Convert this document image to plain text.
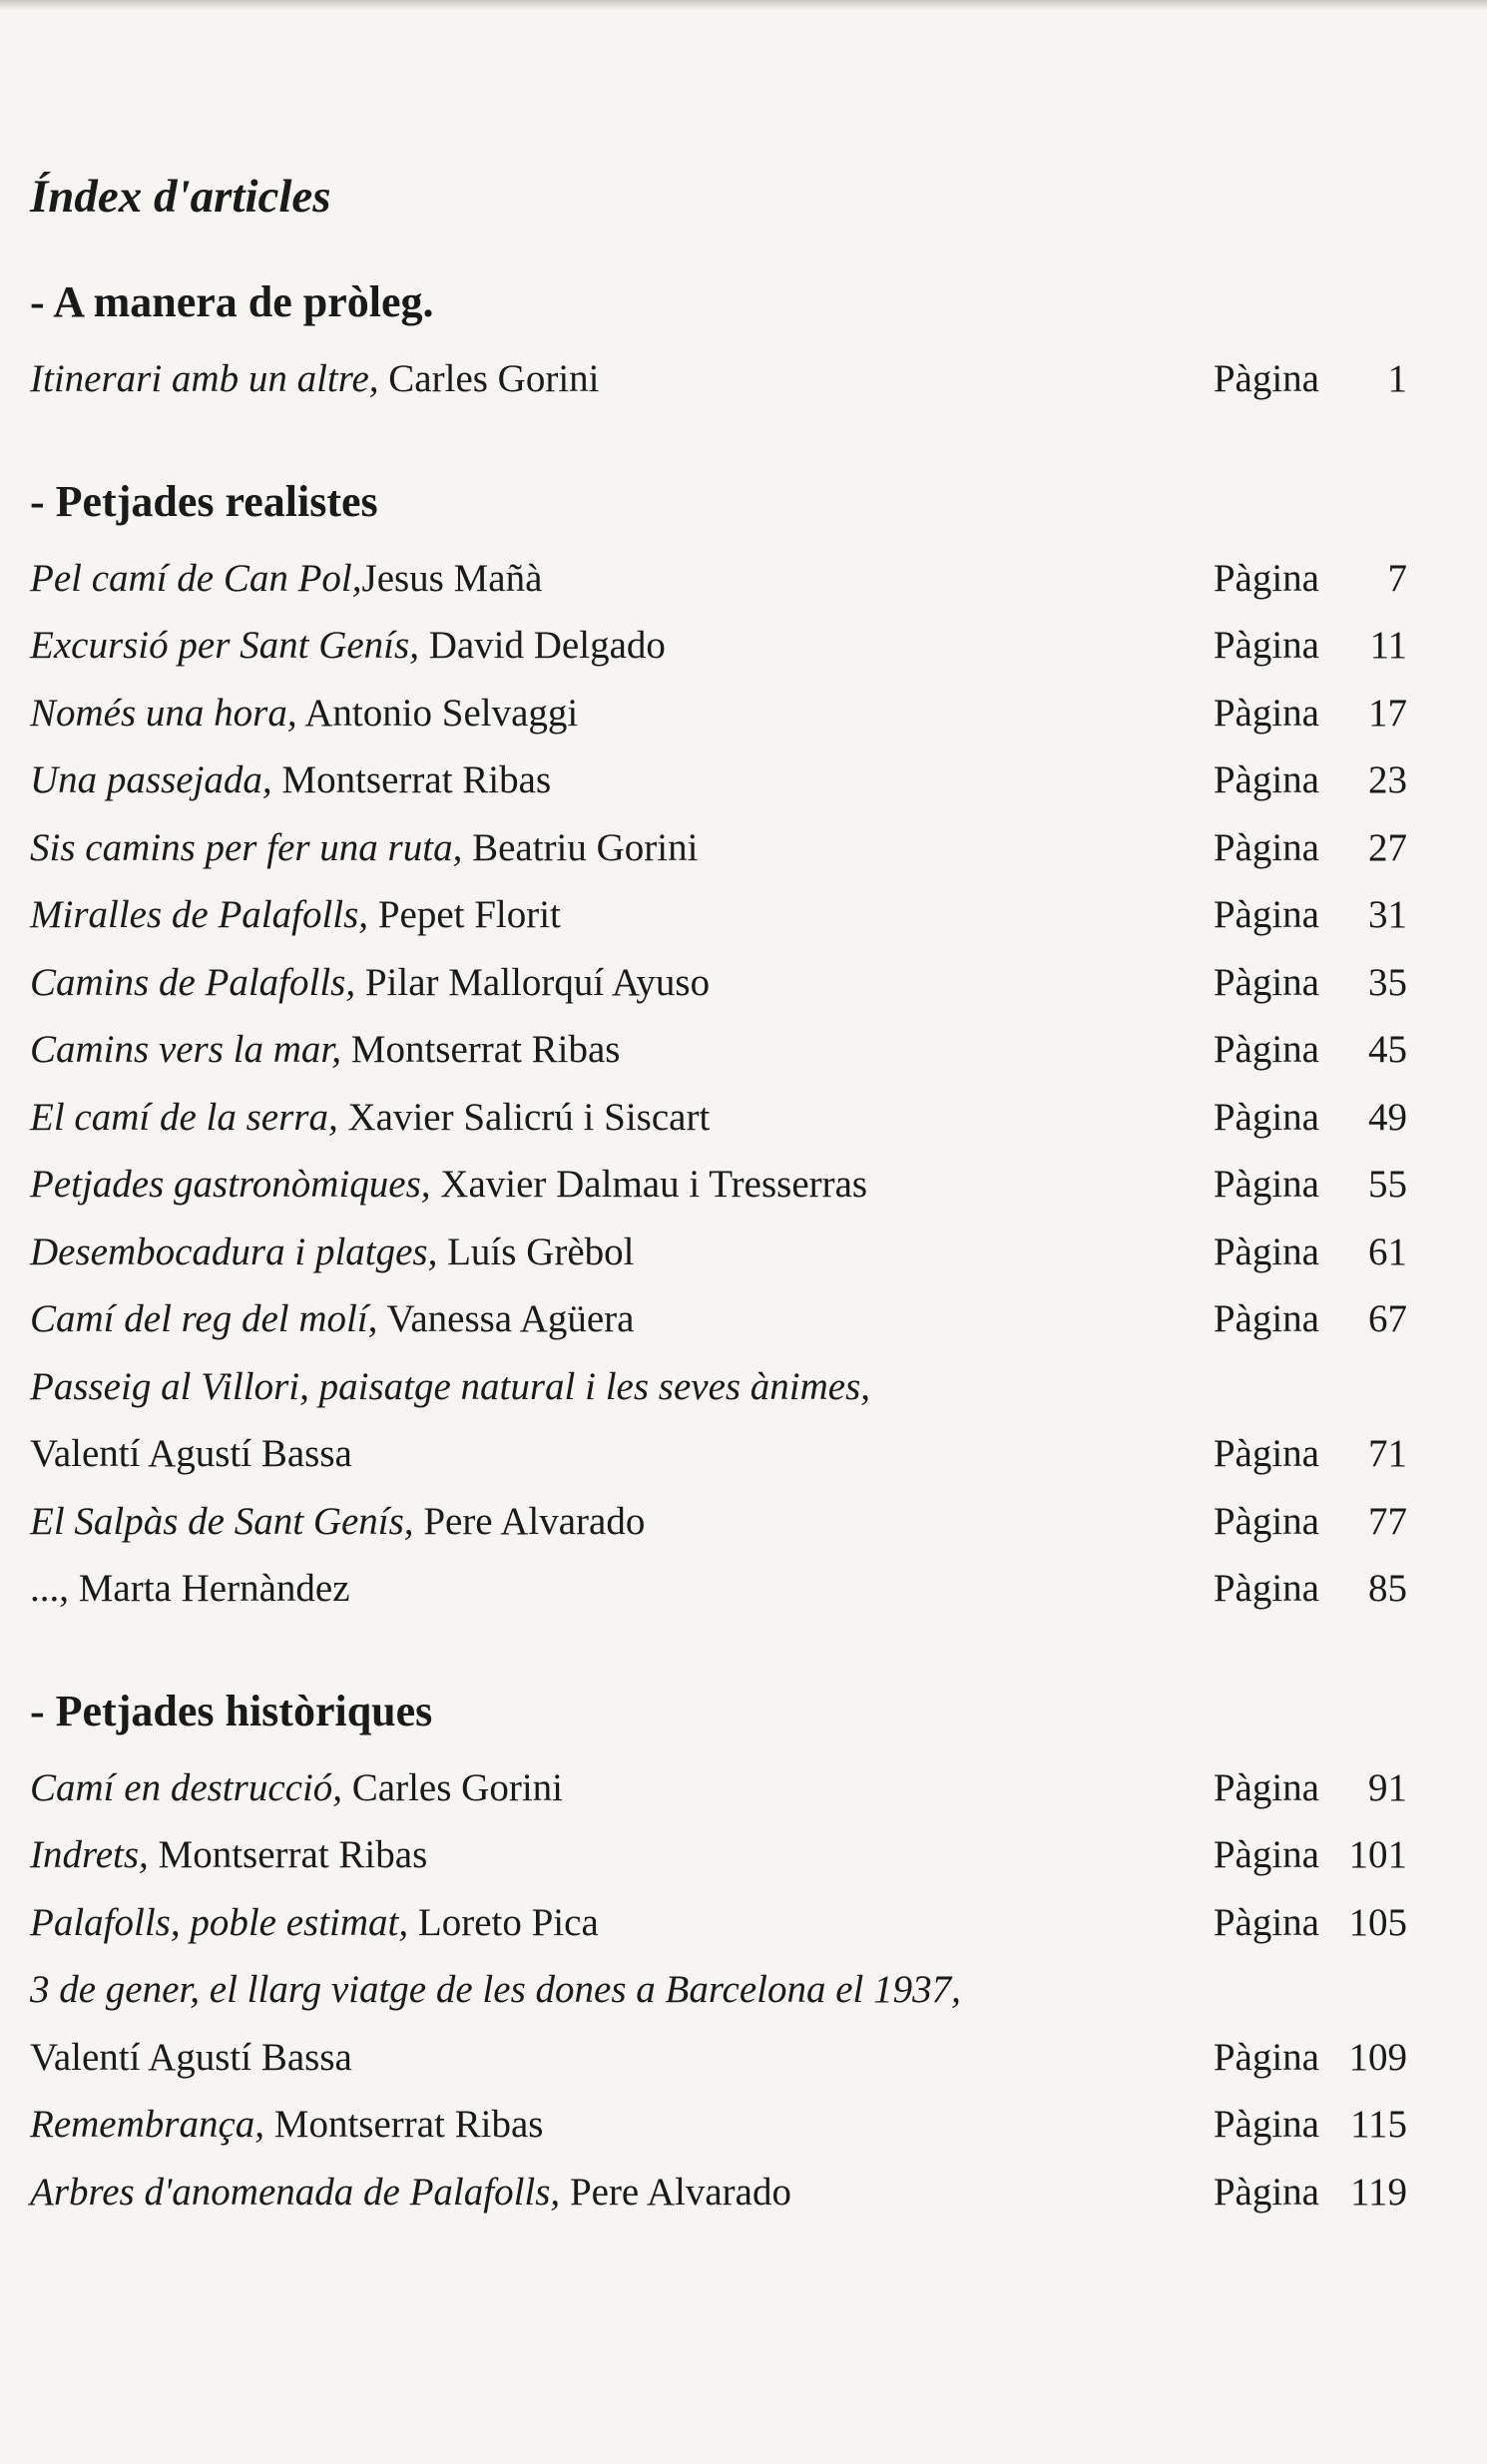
Índex d'articles
- A manera de pròleg.
Itinerari amb un altre, Carles Gorini	Pàgina	1
- Petjades realistes
Pel camí de Can Pol,Jesus Mañà	Pàgina	7
Excursió per Sant Genís, David Delgado	Pàgina	11
Només una hora, Antonio Selvaggi	Pàgina	17
Una passejada, Montserrat Ribas	Pàgina	23
Sis camins per fer una ruta, Beatriu Gorini	Pàgina	27
Miralles de Palafolls, Pepet Florit	Pàgina	31
Camins de Palafolls, Pilar Mallorquí Ayuso	Pàgina	35
Camins vers la mar, Montserrat Ribas	Pàgina	45
El camí de la serra, Xavier Salicrú i Siscart	Pàgina	49
Petjades gastronòmiques, Xavier Dalmau i Tresserras	Pàgina	55
Desembocadura i platges, Luís Grèbol	Pàgina	61
Camí del reg del molí, Vanessa Agüera	Pàgina	67
Passeig al Villori, paisatge natural i les seves ànimes,
Valentí Agustí Bassa	Pàgina	71
El Salpàs de Sant Genís, Pere Alvarado	Pàgina	77
..., Marta Hernàndez	Pàgina	85
- Petjades històriques
Camí en destrucció, Carles Gorini	Pàgina	91
Indrets, Montserrat Ribas	Pàgina 101
Palafolls, poble estimat, Loreto Pica	Pàgina 105
3 de gener, el llarg viatge de les dones a Barcelona el 1937,
Valentí Agustí Bassa	Pàgina 109
Remembrança, Montserrat Ribas	Pàgina 115
Arbres d'anomenada de Palafolls, Pere Alvarado	Pàgina 119
